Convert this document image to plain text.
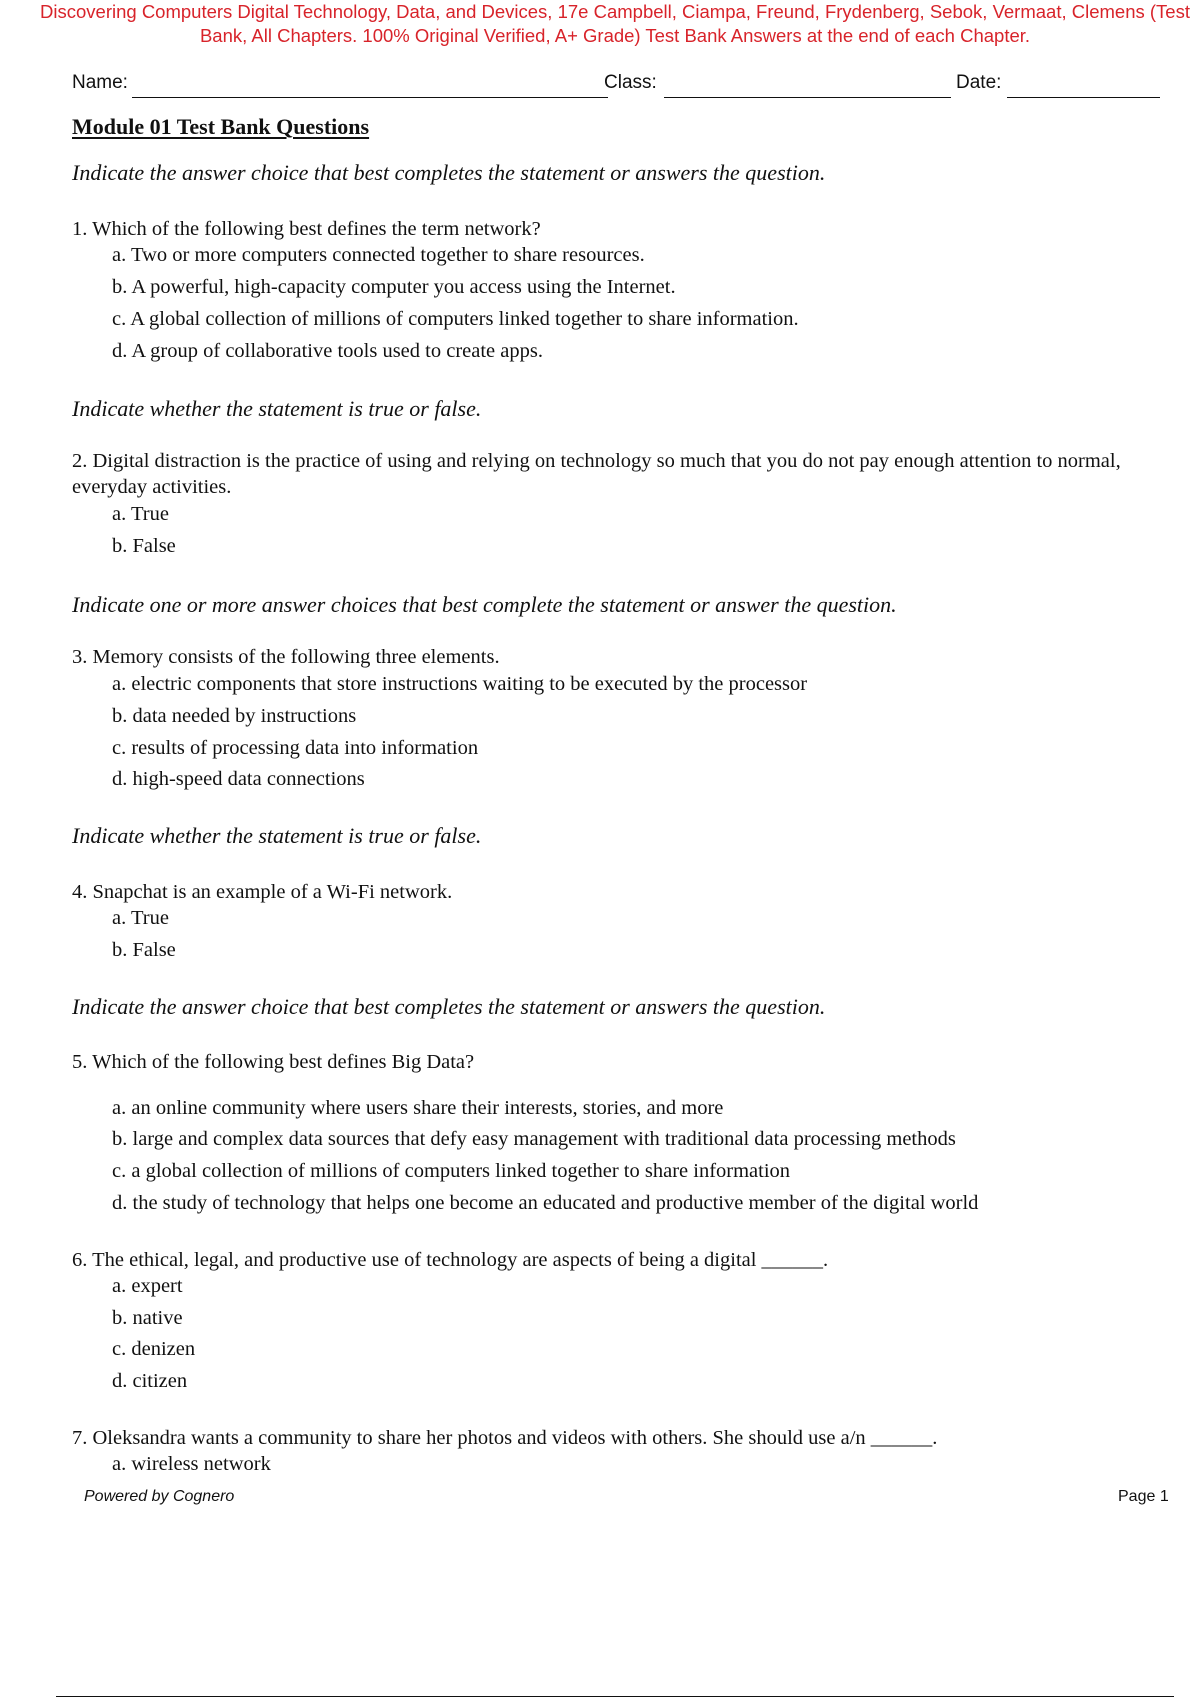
Discovering Computers Digital Technology, Data, and Devices, 17e Campbell, Ciampa, Freund, Frydenberg, Sebok, Vermaat, Clemens (Test Bank, All Chapters. 100% Original Verified, A+ Grade) Test Bank Answers at the end of each Chapter.
Name:	Class:	Date:
Module 01 Test Bank Questions
Indicate the answer choice that best completes the statement or answers the question.
1. Which of the following best defines the term network?
a. Two or more computers connected together to share resources.
b. A powerful, high-capacity computer you access using the Internet.
c. A global collection of millions of computers linked together to share information.
d. A group of collaborative tools used to create apps.
Indicate whether the statement is true or false.
2. Digital distraction is the practice of using and relying on technology so much that you do not pay enough attention to normal, everyday activities.
a. True
b. False
Indicate one or more answer choices that best complete the statement or answer the question.
3. Memory consists of the following three elements.
a. electric components that store instructions waiting to be executed by the processor
b. data needed by instructions
c. results of processing data into information
d. high-speed data connections
Indicate whether the statement is true or false.
4. Snapchat is an example of a Wi-Fi network.
a. True
b. False
Indicate the answer choice that best completes the statement or answers the question.
5. Which of the following best defines Big Data?
a. an online community where users share their interests, stories, and more
b. large and complex data sources that defy easy management with traditional data processing methods
c. a global collection of millions of computers linked together to share information
d. the study of technology that helps one become an educated and productive member of the digital world
6. The ethical, legal, and productive use of technology are aspects of being a digital ______.
a. expert
b. native
c. denizen
d. citizen
7. Oleksandra wants a community to share her photos and videos with others. She should use a/n ______.
a. wireless network
Powered by Cognero	Page 1
